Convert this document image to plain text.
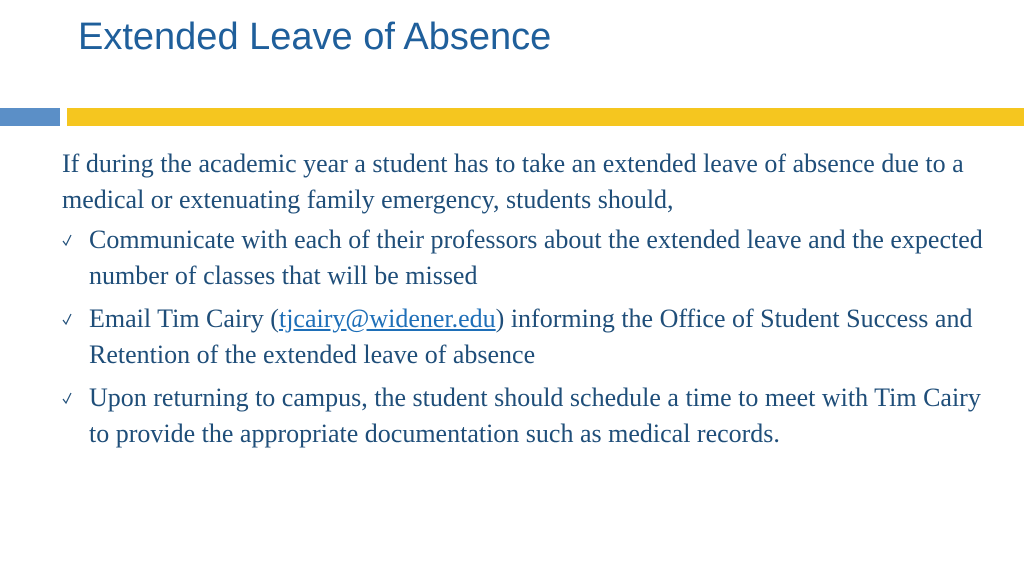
Extended Leave of Absence

If during the academic year a student has to take an extended leave of absence due to a medical or extenuating family emergency, students should,

Communicate with each of their professors about the extended leave and the expected number of classes that will be missed
Email Tim Cairy (tjcairy@widener.edu) informing the Office of Student Success and Retention of the extended leave of absence
Upon returning to campus, the student should schedule a time to meet with Tim Cairy to provide the appropriate documentation such as medical records.
